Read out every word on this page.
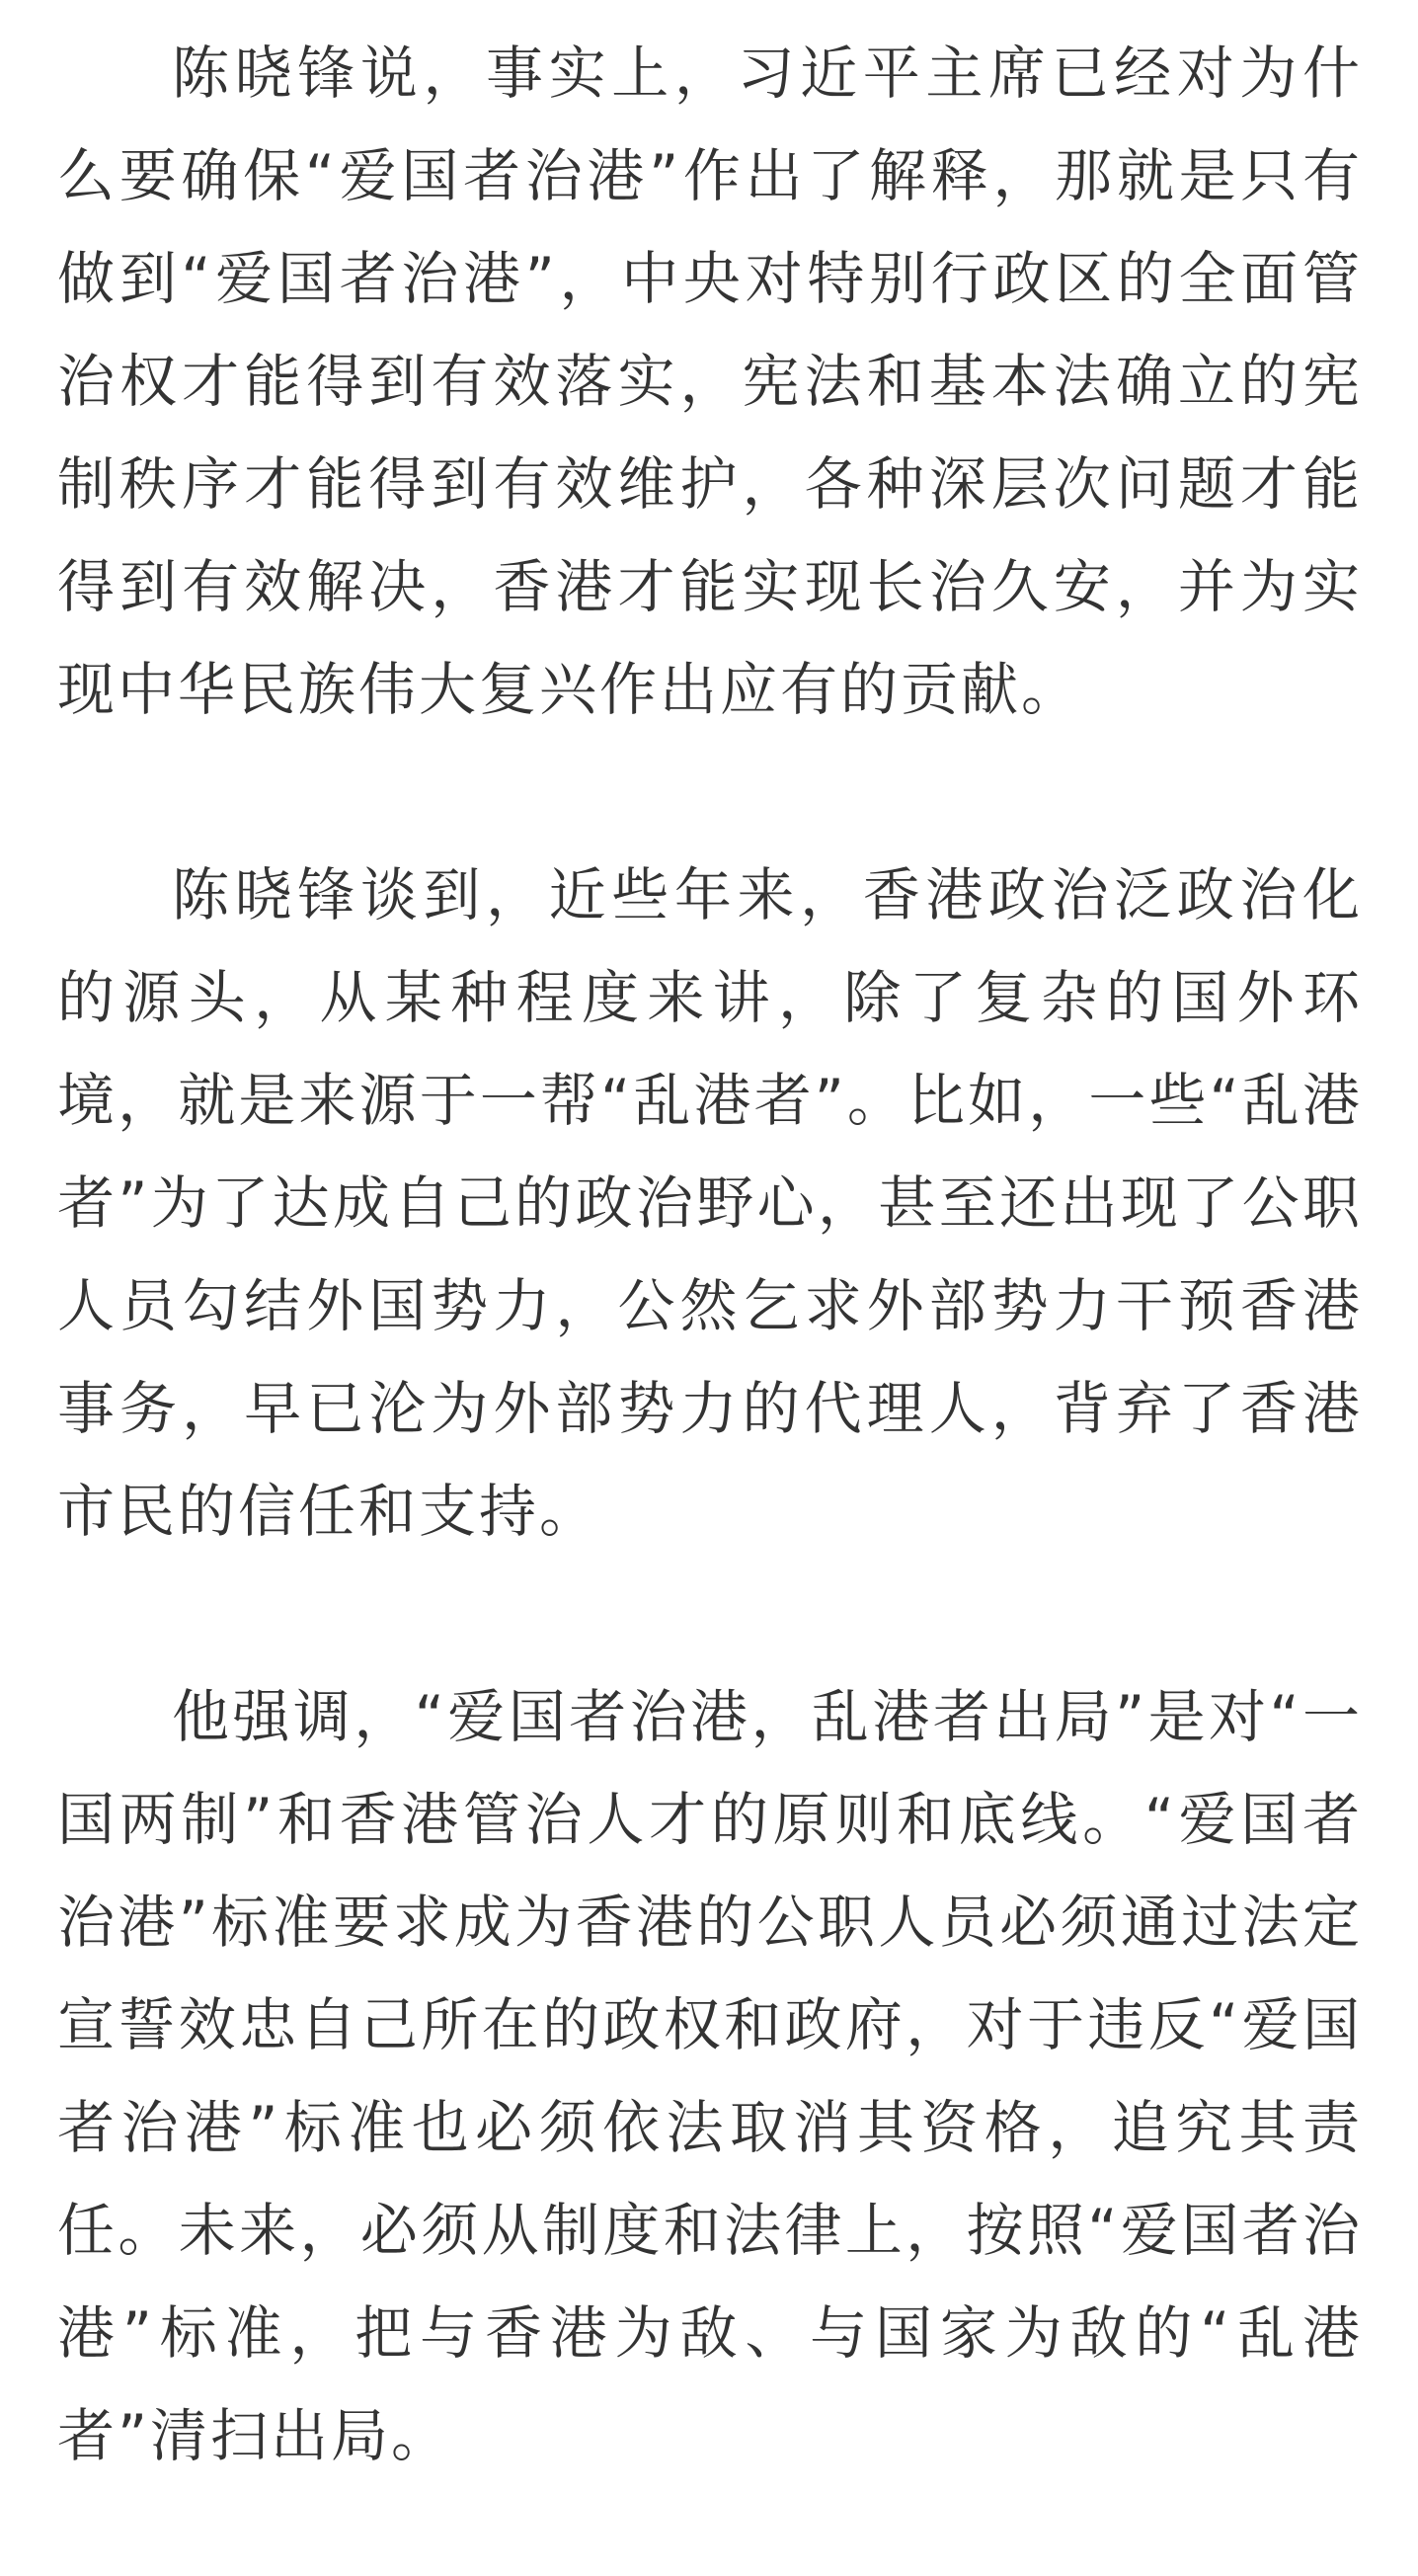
陈晓锋说，事实上，习近平主席已经对为什么要确保“爱国者治港”作出了解释，那就是只有做到“爱国者治港”，中央对特别行政区的全面管治权才能得到有效落实，宪法和基本法确立的宪制秩序才能得到有效维护，各种深层次问题才能得到有效解决，香港才能实现长治久安，并为实现中华民族伟大复兴作出应有的贡献。

陈晓锋谈到，近些年来，香港政治泛政治化的源头，从某种程度来讲，除了复杂的国外环境，就是来源于一帮“乱港者”。比如，一些“乱港者”为了达成自己的政治野心，甚至还出现了公职人员勾结外国势力，公然乞求外部势力干预香港事务，早已沦为外部势力的代理人，背弃了香港市民的信任和支持。

他强调，“爱国者治港，乱港者出局”是对“一国两制”和香港管治人才的原则和底线。“爱国者治港”标准要求成为香港的公职人员必须通过法定宣誓效忠自己所在的政权和政府，对于违反“爱国者治港”标准也必须依法取消其资格，追究其责任。未来，必须从制度和法律上，按照“爱国者治港”标准，把与香港为敌、与国家为敌的“乱港者”清扫出局。
